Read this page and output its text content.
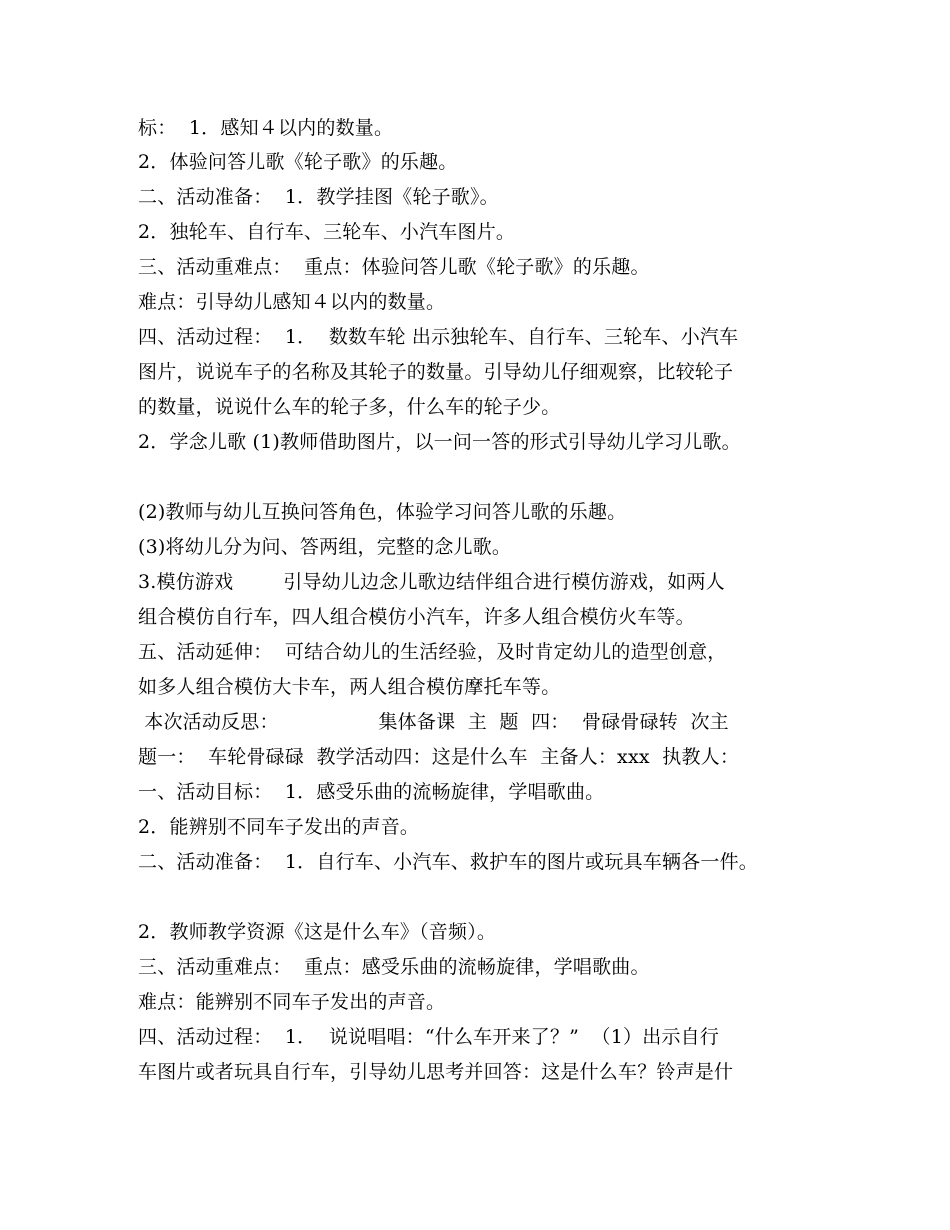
标：  1．感知４以内的数量。
2．体验问答儿歌《轮子歌》的乐趣。
二、活动准备：  1．教学挂图《轮子歌》。
2．独轮车、自行车、三轮车、小汽车图片。
三、活动重难点：  重点：体验问答儿歌《轮子歌》的乐趣。
难点：引导幼儿感知４以内的数量。
四、活动过程：  1．  数数车轮 出示独轮车、自行车、三轮车、小汽车
图片，说说车子的名称及其轮子的数量。引导幼儿仔细观察，比较轮子
的数量，说说什么车的轮子多，什么车的轮子少。
2．学念儿歌 (1)教师借助图片，以一问一答的形式引导幼儿学习儿歌。
(2)教师与幼儿互换问答角色，体验学习问答儿歌的乐趣。
(3)将幼儿分为问、答两组，完整的念儿歌。
3.模仿游戏        引导幼儿边念儿歌边结伴组合进行模仿游戏，如两人
组合模仿自行车，四人组合模仿小汽车，许多人组合模仿火车等。
五、活动延伸：  可结合幼儿的生活经验，及时肯定幼儿的造型创意，
如多人组合模仿大卡车，两人组合模仿摩托车等。
本次活动反思：                集体备课  主  题  四：  骨碌骨碌转  次主
题一：  车轮骨碌碌  教学活动四：这是什么车  主备人：xxx  执教人：
一、活动目标：  1．感受乐曲的流畅旋律，学唱歌曲。
2．能辨别不同车子发出的声音。
二、活动准备：  1．自行车、小汽车、救护车的图片或玩具车辆各一件。
2．教师教学资源《这是什么车》（音频）。
三、活动重难点：  重点：感受乐曲的流畅旋律，学唱歌曲。
难点：能辨别不同车子发出的声音。
四、活动过程：  1．  说说唱唱：“什么车开来了？”  （1）出示自行
车图片或者玩具自行车，引导幼儿思考并回答：这是什么车？铃声是什
